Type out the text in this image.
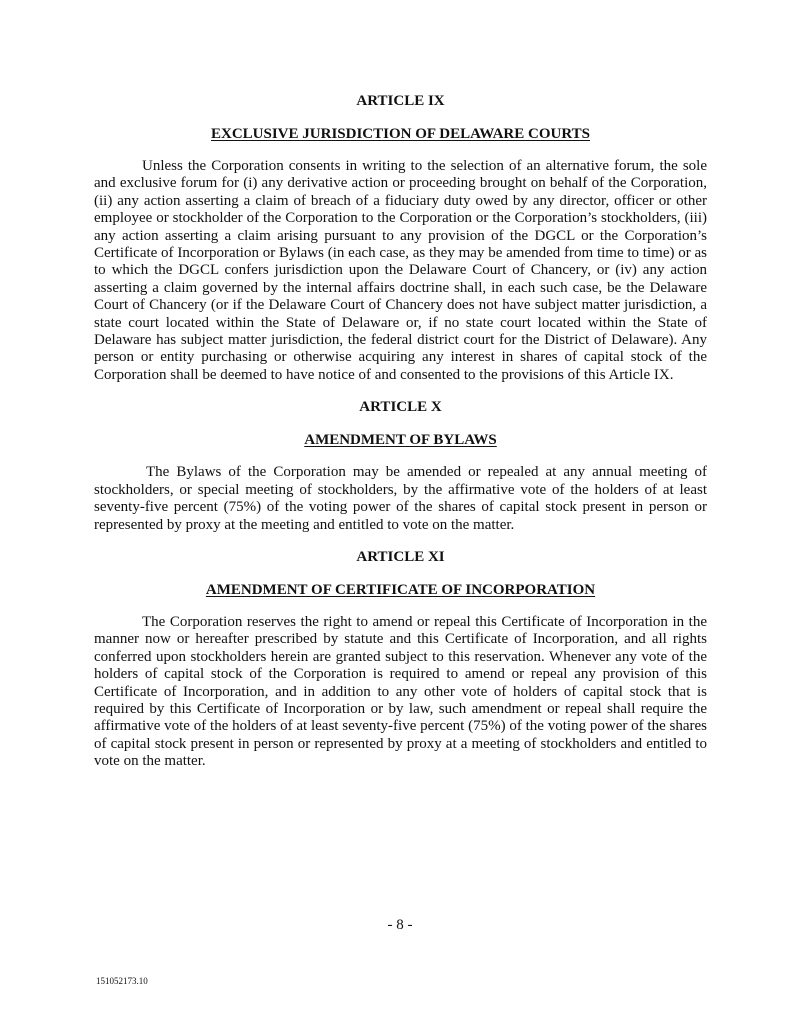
ARTICLE IX

EXCLUSIVE JURISDICTION OF DELAWARE COURTS

Unless the Corporation consents in writing to the selection of an alternative forum, the sole and exclusive forum for (i) any derivative action or proceeding brought on behalf of the Corporation, (ii) any action asserting a claim of breach of a fiduciary duty owed by any director, officer or other employee or stockholder of the Corporation to the Corporation or the Corporation’s stockholders, (iii) any action asserting a claim arising pursuant to any provision of the DGCL or the Corporation’s Certificate of Incorporation or Bylaws (in each case, as they may be amended from time to time) or as to which the DGCL confers jurisdiction upon the Delaware Court of Chancery, or (iv) any action asserting a claim governed by the internal affairs doctrine shall, in each such case, be the Delaware Court of Chancery (or if the Delaware Court of Chancery does not have subject matter jurisdiction, a state court located within the State of Delaware or, if no state court located within the State of Delaware has subject matter jurisdiction, the federal district court for the District of Delaware). Any person or entity purchasing or otherwise acquiring any interest in shares of capital stock of the Corporation shall be deemed to have notice of and consented to the provisions of this Article IX.

ARTICLE X

AMENDMENT OF BYLAWS

The Bylaws of the Corporation may be amended or repealed at any annual meeting of stockholders, or special meeting of stockholders, by the affirmative vote of the holders of at least seventy-five percent (75%) of the voting power of the shares of capital stock present in person or represented by proxy at the meeting and entitled to vote on the matter.

ARTICLE XI

AMENDMENT OF CERTIFICATE OF INCORPORATION

The Corporation reserves the right to amend or repeal this Certificate of Incorporation in the manner now or hereafter prescribed by statute and this Certificate of Incorporation, and all rights conferred upon stockholders herein are granted subject to this reservation. Whenever any vote of the holders of capital stock of the Corporation is required to amend or repeal any provision of this Certificate of Incorporation, and in addition to any other vote of holders of capital stock that is required by this Certificate of Incorporation or by law, such amendment or repeal shall require the affirmative vote of the holders of at least seventy-five percent (75%) of the voting power of the shares of capital stock present in person or represented by proxy at a meeting of stockholders and entitled to vote on the matter.

- 8 -
151052173.10
